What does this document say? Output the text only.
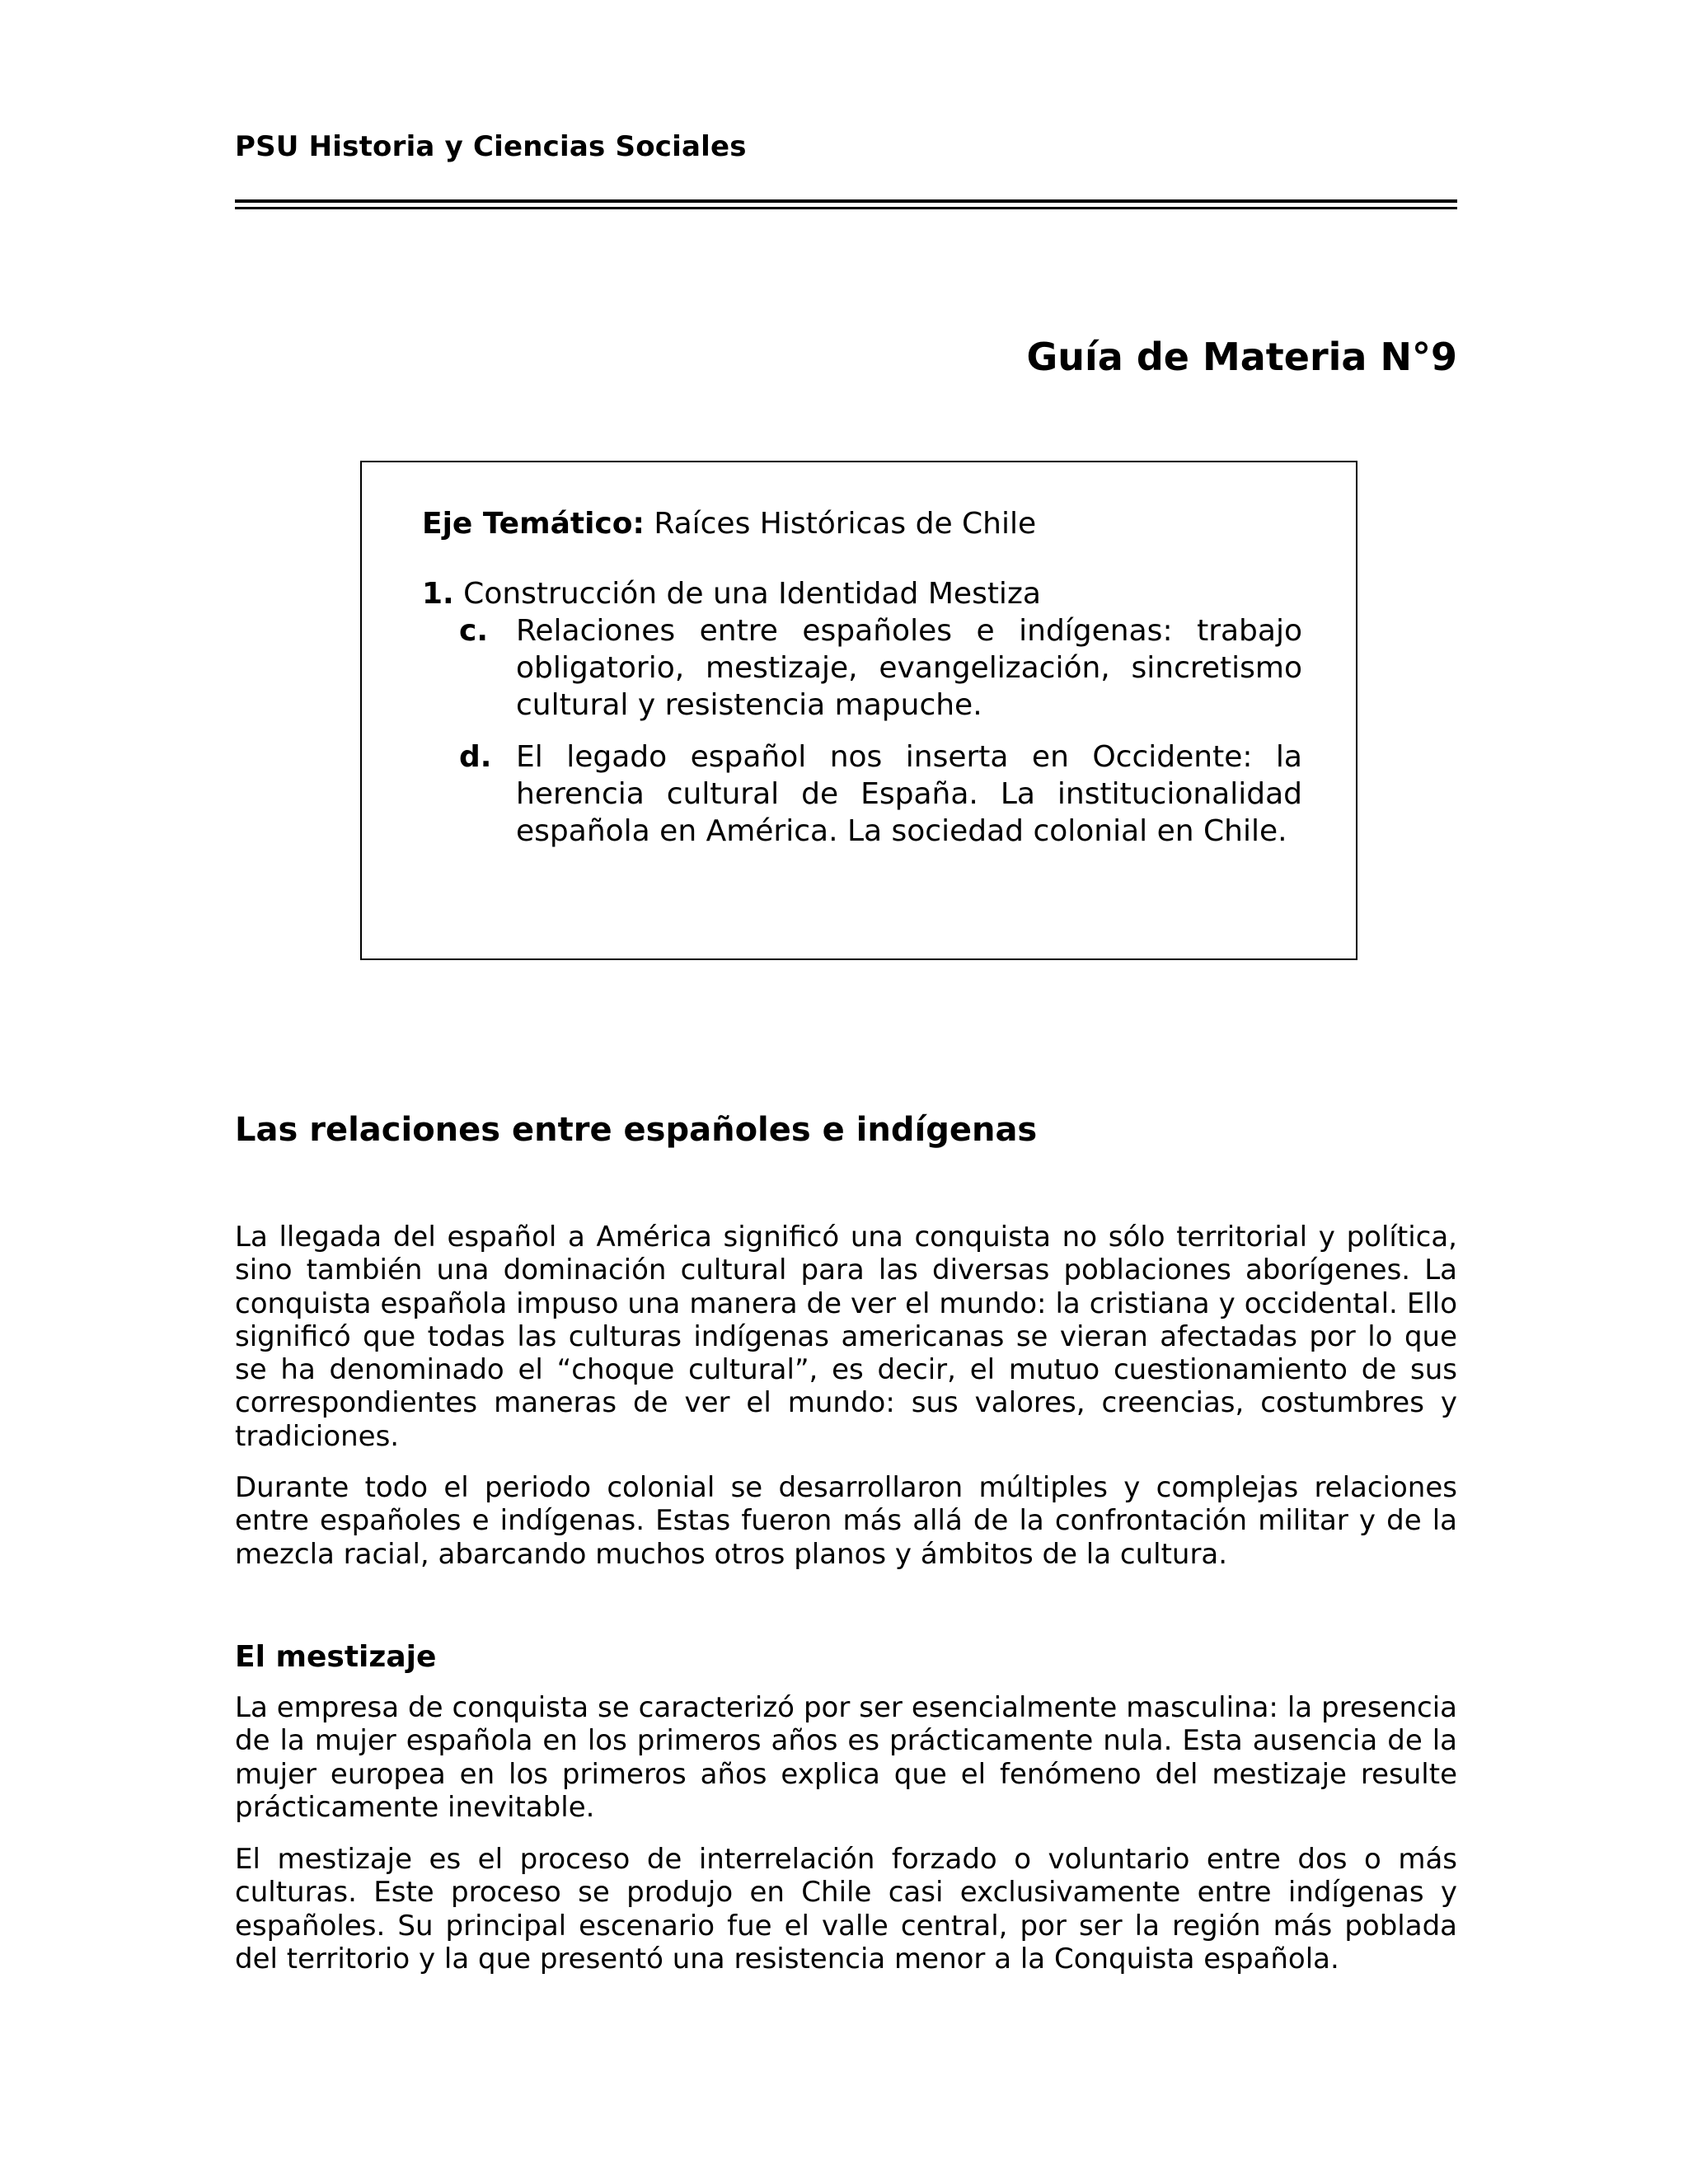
PSU Historia y Ciencias Sociales
Guía de Materia N°9

Eje Temático: Raíces Históricas de Chile

1. Construcción de una Identidad Mestiza

c. Relaciones entre españoles e indígenas: trabajo obligatorio, mestizaje, evangelización, sincretismo cultural y resistencia mapuche.
d. El legado español nos inserta en Occidente: la herencia cultural de España. La institucionalidad española en América. La sociedad colonial en Chile.
Las relaciones entre españoles e indígenas

La llegada del español a América significó una conquista no sólo territorial y política, sino también una dominación cultural para las diversas poblaciones aborígenes. La conquista española impuso una manera de ver el mundo: la cristiana y occidental. Ello significó que todas las culturas indígenas americanas se vieran afectadas por lo que se ha denominado el “choque cultural”, es decir, el mutuo cuestionamiento de sus correspondientes maneras de ver el mundo: sus valores, creencias, costumbres y tradiciones.

Durante todo el periodo colonial se desarrollaron múltiples y complejas relaciones entre españoles e indígenas. Estas fueron más allá de la confrontación militar y de la mezcla racial, abarcando muchos otros planos y ámbitos de la cultura.

El mestizaje

La empresa de conquista se caracterizó por ser esencialmente masculina: la presencia de la mujer española en los primeros años es prácticamente nula. Esta ausencia de la mujer europea en los primeros años explica que el fenómeno del mestizaje resulte prácticamente inevitable.

El mestizaje es el proceso de interrelación forzado o voluntario entre dos o más culturas. Este proceso se produjo en Chile casi exclusivamente entre indígenas y españoles. Su principal escenario fue el valle central, por ser la región más poblada del territorio y la que presentó una resistencia menor a la Conquista española.
